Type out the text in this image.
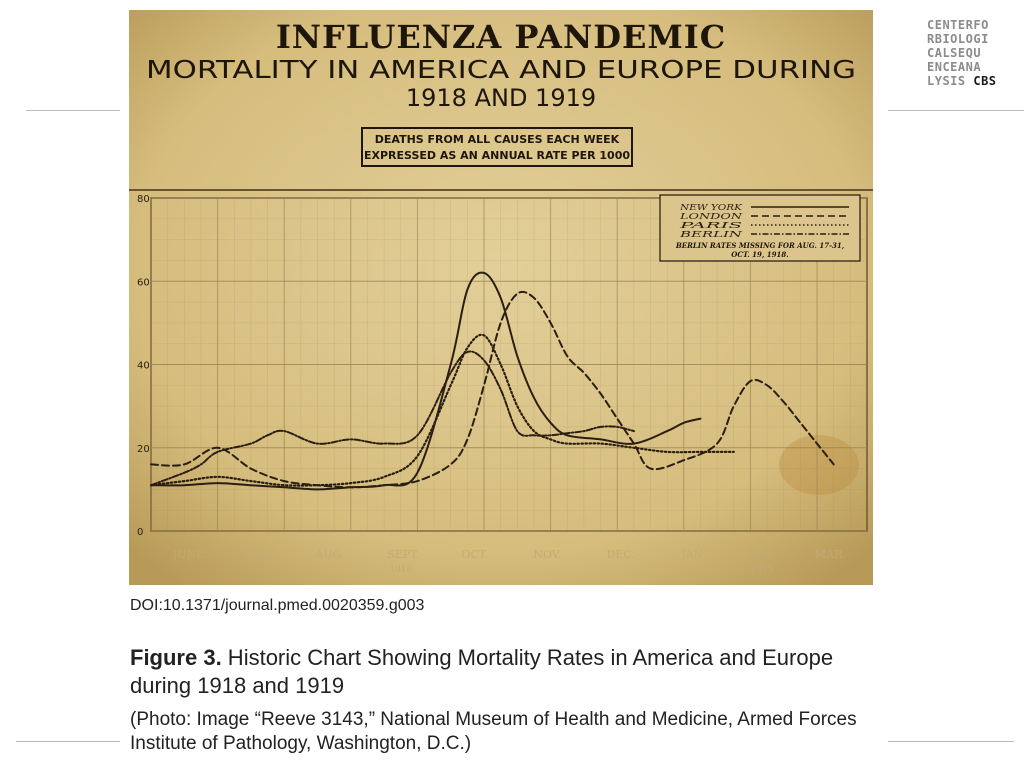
CENTERFO
RBIOLOGI
CALSEQU
ENCEANA
LYSIS CBS
INFLUENZA PANDEMIC
MORTALITY IN AMERICA AND EUROPE DURING
1918 AND 1919
DEATHS FROM ALL CAUSES EACH WEEK
EXPRESSED AS AN ANNUAL RATE PER 1000
0
20
40
60
80
JUNE	JULY	AUG.	SEPT.	OCT.	NOV.	DEC.	JAN.	FEB.	MAR.
1918	1919
NEW YORK
LONDON
PARIS
BERLIN
BERLIN RATES MISSING FOR AUG. 17-31,
OCT. 19, 1918.
DOI:10.1371/journal.pmed.0020359.g003
Figure 3. Historic Chart Showing Mortality Rates in America and Europe during 1918 and 1919
(Photo: Image “Reeve 3143,” National Museum of Health and Medicine, Armed Forces Institute of Pathology, Washington, D.C.)
